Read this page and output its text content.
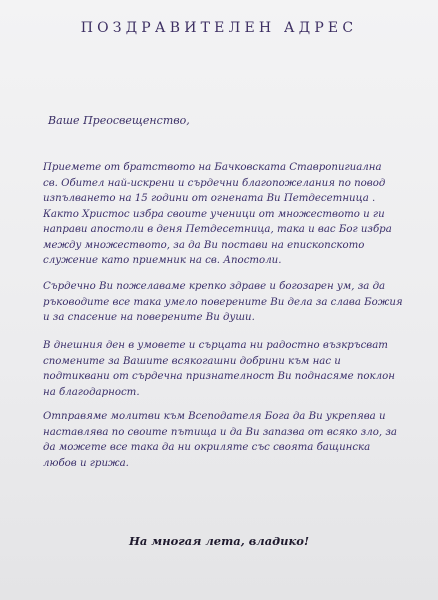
ПОЗДРАВИТЕЛЕН АДРЕС
Ваше Преосвещенство,
Приемете от братството на Бачковската Ставропигиална
св. Обител най-искрени и сърдечни благопожелания по повод
изпълването на 15 години от огнената Ви Петдесетница .
Както Христос избра своите ученици от множеството и ги
направи апостоли в деня Петдесетница, така и вас Бог избра
между множеството, за да Ви постави на епископското
служение като приемник на св. Апостоли.
Сърдечно Ви пожелаваме крепко здраве и богозарен ум, за да
ръководите все така умело поверените Ви дела за слава Божия
и за спасение на поверените Ви души.
В днешния ден в умовете и сърцата ни радостно възкръсват
спомените за Вашите всякогашни добрини към нас и
подтиквани от сърдечна признателност Ви поднасяме поклон
на благодарност.
Отправяме молитви към Всеподателя Бога да Ви укрепява и
наставлява по своите пътища и да Ви запазва от всяко зло, за
да можете все така да ни окриляте със своята бащинска
любов и грижа.
На многая лета, владико!
